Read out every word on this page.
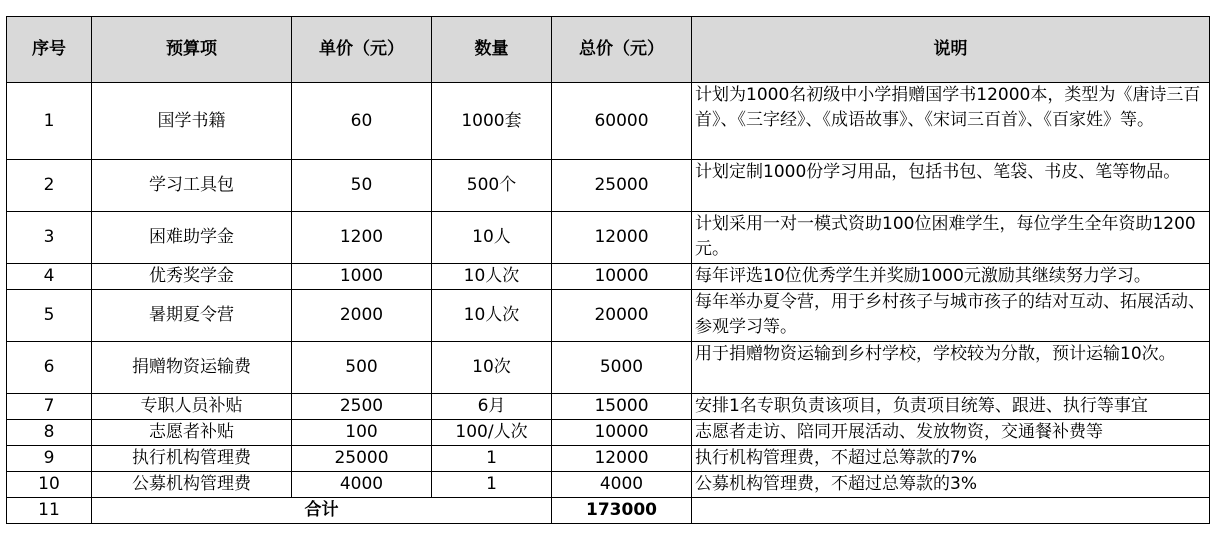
序号	预算项	单价（元）	数量	总价（元）	说明
1	国学书籍	60	1000套	60000	计划为1000名初级中小学捐赠国学书12000本，类型为《唐诗三百首》、《三字经》、《成语故事》、《宋词三百首》、《百家姓》等。
2	学习工具包	50	500个	25000	计划定制1000份学习用品，包括书包、笔袋、书皮、笔等物品。
3	困难助学金	1200	10人	12000	计划采用一对一模式资助100位困难学生，每位学生全年资助1200元。
4	优秀奖学金	1000	10人次	10000	每年评选10位优秀学生并奖励1000元激励其继续努力学习。
5	暑期夏令营	2000	10人次	20000	每年举办夏令营，用于乡村孩子与城市孩子的结对互动、拓展活动、参观学习等。
6	捐赠物资运输费	500	10次	5000	用于捐赠物资运输到乡村学校，学校较为分散，预计运输10次。
7	专职人员补贴	2500	6月	15000	安排1名专职负责该项目，负责项目统筹、跟进、执行等事宜
8	志愿者补贴	100	100/人次	10000	志愿者走访、陪同开展活动、发放物资，交通餐补费等
9	执行机构管理费	25000	1	12000	执行机构管理费，不超过总筹款的7%
10	公募机构管理费	4000	1	4000	公募机构管理费，不超过总筹款的3%
11	合计			173000	
